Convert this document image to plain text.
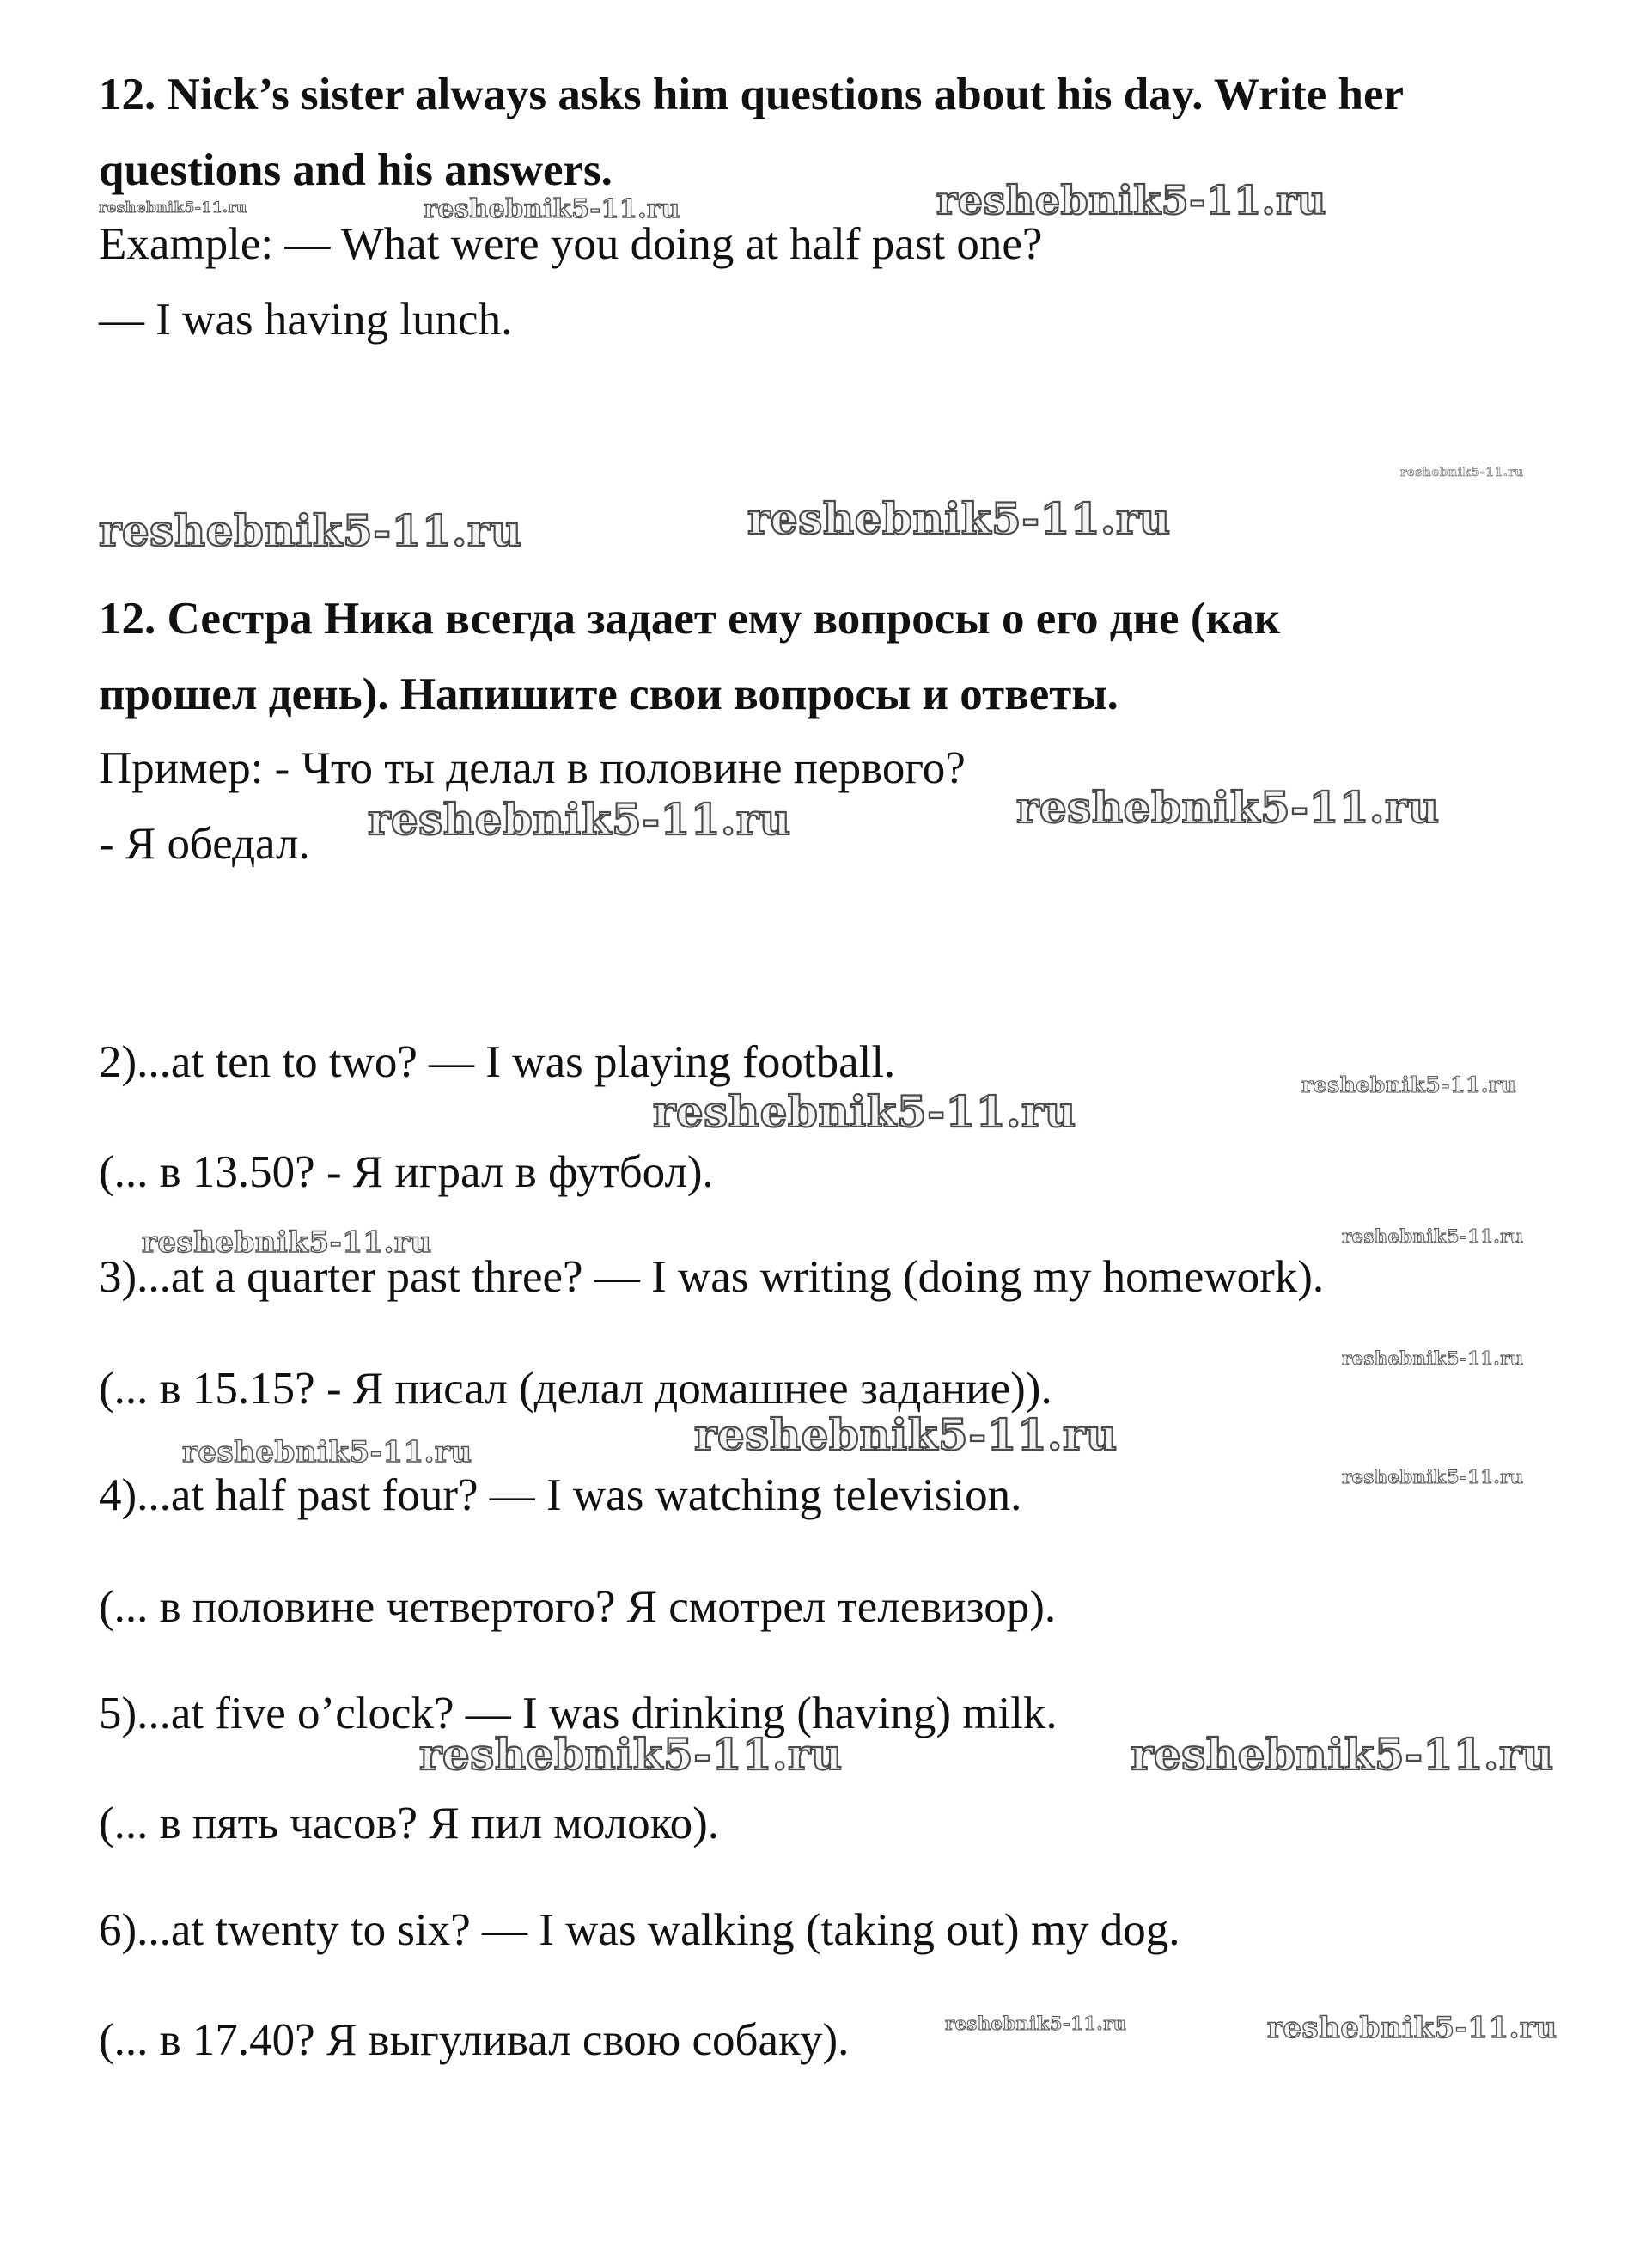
12. Nick’s sister always asks him questions about his day. Write her
questions and his answers.
Example: — What were you doing at half past one?
— I was having lunch.
12. Сестра Ника всегда задает ему вопросы о его дне (как
прошел день). Напишите свои вопросы и ответы.
Пример: - Что ты делал в половине первого?
- Я обедал.
2)...at ten to two? — I was playing football.
(... в 13.50? - Я играл в футбол).
3)...at a quarter past three? — I was writing (doing my homework).
(... в 15.15? - Я писал (делал домашнее задание)).
4)...at half past four? — I was watching television.
(... в половине четвертого? Я смотрел телевизор).
5)...at five o’clock? — I was drinking (having) milk.
(... в пять часов? Я пил молоко).
6)...at twenty to six? — I was walking (taking out) my dog.
(... в 17.40? Я выгуливал свою собаку).
reshebnik5-11.ru	reshebnik5-11.ru	reshebnik5-11.ru
reshebnik5-11.ru
reshebnik5-11.ru	reshebnik5-11.ru
reshebnik5-11.ru	reshebnik5-11.ru
reshebnik5-11.ru
reshebnik5-11.ru
reshebnik5-11.ru	reshebnik5-11.ru
reshebnik5-11.ru
reshebnik5-11.ru
reshebnik5-11.ru
reshebnik5-11.ru
reshebnik5-11.ru	reshebnik5-11.ru
reshebnik5-11.ru	reshebnik5-11.ru
